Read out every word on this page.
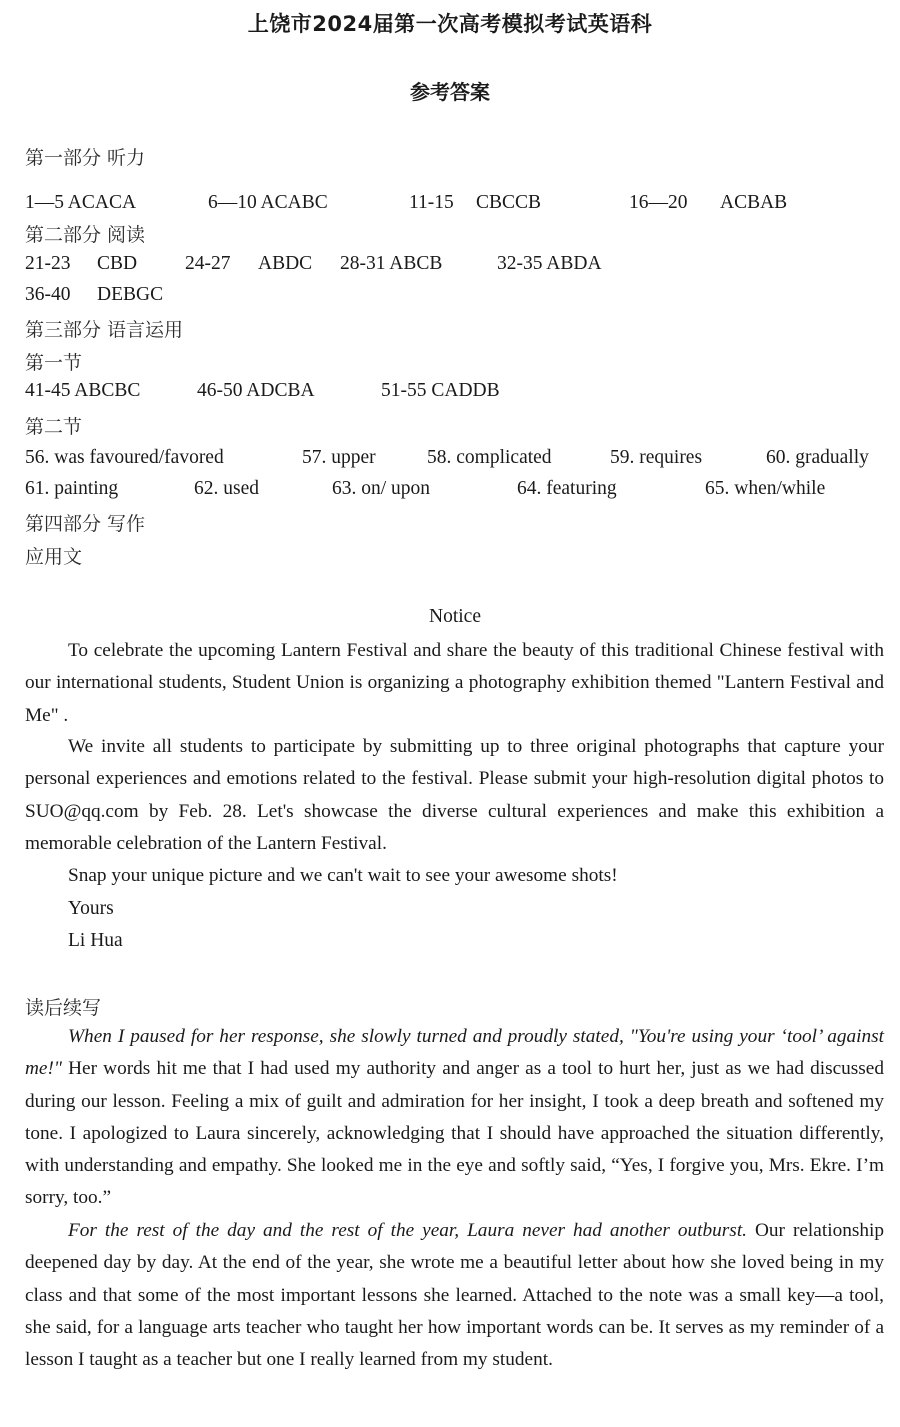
上饶市2024届第一次高考模拟考试英语科
参考答案
第一部分 听力
1—5 ACACA	6—10 ACABC	11-15 CBCCB	16—20 ACBAB
第二部分 阅读
21-23 CBD 24-27 ABDC 28-31 ABCB	32-35 ABDA
36-40 DEBGC
第三部分 语言运用
第一节
41-45 ABCBC	46-50 ADCBA	51-55 CADDB
第二节
56. was favoured/favored	57. upper	58. complicated	59. requires	60. gradually
61. painting	62. used	63. on/ upon	64. featuring	65. when/while
第四部分 写作
应用文
Notice

To celebrate the upcoming Lantern Festival and share the beauty of this traditional Chinese festival with our international students, Student Union is organizing a photography exhibition themed "Lantern Festival and Me" .

We invite all students to participate by submitting up to three original photographs that capture your personal experiences and emotions related to the festival. Please submit your high-resolution digital photos to SUO@qq.com by Feb. 28. Let's showcase the diverse cultural experiences and make this exhibition a memorable celebration of the Lantern Festival.

Snap your unique picture and we can't wait to see your awesome shots!

Yours
Li Hua
读后续写

When I paused for her response, she slowly turned and proudly stated, "You're using your ‘tool’ against me!" Her words hit me that I had used my authority and anger as a tool to hurt her, just as we had discussed during our lesson. Feeling a mix of guilt and admiration for her insight, I took a deep breath and softened my tone. I apologized to Laura sincerely, acknowledging that I should have approached the situation differently, with understanding and empathy. She looked me in the eye and softly said, “Yes, I forgive you, Mrs. Ekre. I’m sorry, too.”

For the rest of the day and the rest of the year, Laura never had another outburst. Our relationship deepened day by day. At the end of the year, she wrote me a beautiful letter about how she loved being in my class and that some of the most important lessons she learned. Attached to the note was a small key—a tool, she said, for a language arts teacher who taught her how important words can be. It serves as my reminder of a lesson I taught as a teacher but one I really learned from my student.
